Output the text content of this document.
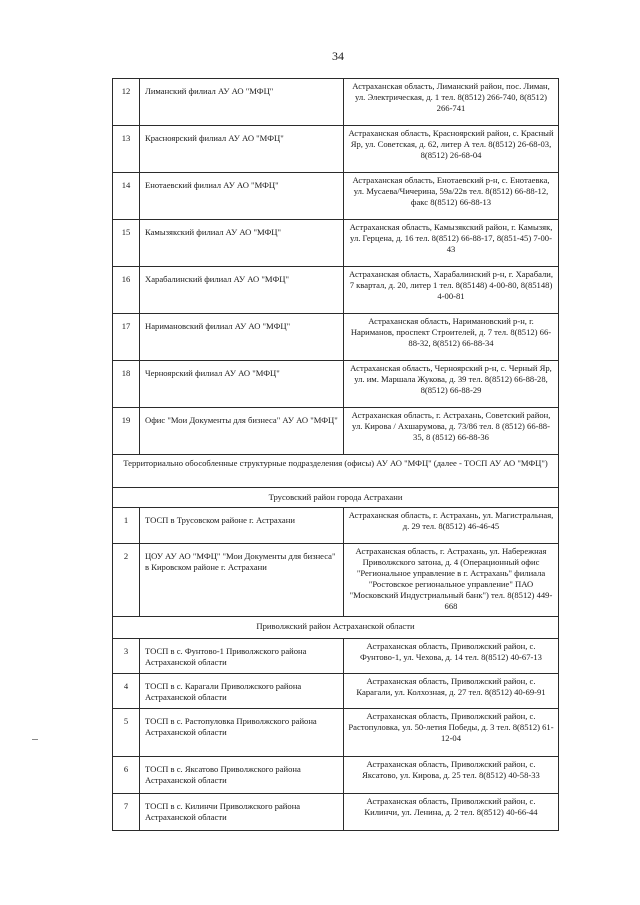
34
12	Лиманский филиал АУ АО "МФЦ"	Астраханская область, Лиманский район, пос. Лиман, ул. Электрическая, д. 1 тел. 8(8512) 266-740, 8(8512) 266-741
13	Красноярский филиал АУ АО "МФЦ"	Астраханская область, Красноярский район, с. Красный Яр, ул. Советская, д. 62, литер А тел. 8(8512) 26-68-03, 8(8512) 26-68-04
14	Енотаевский филиал АУ АО "МФЦ"	Астраханская область, Енотаевский р-н, с. Енотаевка, ул. Мусаева/Чичерина, 59а/22в тел. 8(8512) 66-88-12, факс 8(8512) 66-88-13
15	Камызякский филиал АУ АО "МФЦ"	Астраханская область, Камызякский район, г. Камызяк, ул. Герцена, д. 16 тел. 8(8512) 66-88-17, 8(851-45) 7-00-43
16	Харабалинский филиал АУ АО "МФЦ"	Астраханская область, Харабалинский р-н, г. Харабали, 7 квартал, д. 20, литер 1 тел. 8(85148) 4-00-80, 8(85148) 4-00-81
17	Наримановский филиал АУ АО "МФЦ"	Астраханская область, Наримановский р-н, г. Нариманов, проспект Строителей, д. 7 тел. 8(8512) 66-88-32, 8(8512) 66-88-34
18	Черноярский филиал АУ АО "МФЦ"	Астраханская область, Черноярский р-н, с. Черный Яр, ул. им. Маршала Жукова, д. 39 тел. 8(8512) 66-88-28, 8(8512) 66-88-29
19	Офис "Мои Документы для бизнеса" АУ АО "МФЦ"	Астраханская область, г. Астрахань, Советский район, ул. Кирова / Ахшарумова, д. 73/86 тел. 8 (8512) 66-88-35, 8 (8512) 66-88-36
Территориально обособленные структурные подразделения (офисы) АУ АО "МФЦ" (далее - ТОСП АУ АО "МФЦ")		
Трусовский район города Астрахани		
1	ТОСП в Трусовском районе г. Астрахани	Астраханская область, г. Астрахань, ул. Магистральная, д. 29 тел. 8(8512) 46-46-45
2	ЦОУ АУ АО "МФЦ" "Мои Документы для бизнеса" в Кировском районе г. Астрахани	Астраханская область, г. Астрахань, ул. Набережная Приволжского затона, д. 4 (Операционный офис "Региональное управление в г. Астрахань" филиала "Ростовское региональное управление" ПАО "Московский Индустриальный банк") тел. 8(8512) 449-668
Приволжский район Астраханской области		
3	ТОСП в с. Фунтово-1 Приволжского района Астраханской области	Астраханская область, Приволжский район, с. Фунтово-1, ул. Чехова, д. 14 тел. 8(8512) 40-67-13
4	ТОСП в с. Карагали Приволжского района Астраханской области	Астраханская область, Приволжский район, с. Карагали, ул. Колхозная, д. 27 тел. 8(8512) 40-69-91
5	ТОСП в с. Растопуловка Приволжского района Астраханской области	Астраханская область, Приволжский район, с. Растопуловка, ул. 50-летия Победы, д. 3 тел. 8(8512) 61-12-04
6	ТОСП в с. Яксатово Приволжского района Астраханской области	Астраханская область, Приволжский район, с. Яксатово, ул. Кирова, д. 25 тел. 8(8512) 40-58-33
7	ТОСП в с. Килинчи Приволжского района Астраханской области	Астраханская область, Приволжский район, с. Килинчи, ул. Ленина, д. 2 тел. 8(8512) 40-66-44
